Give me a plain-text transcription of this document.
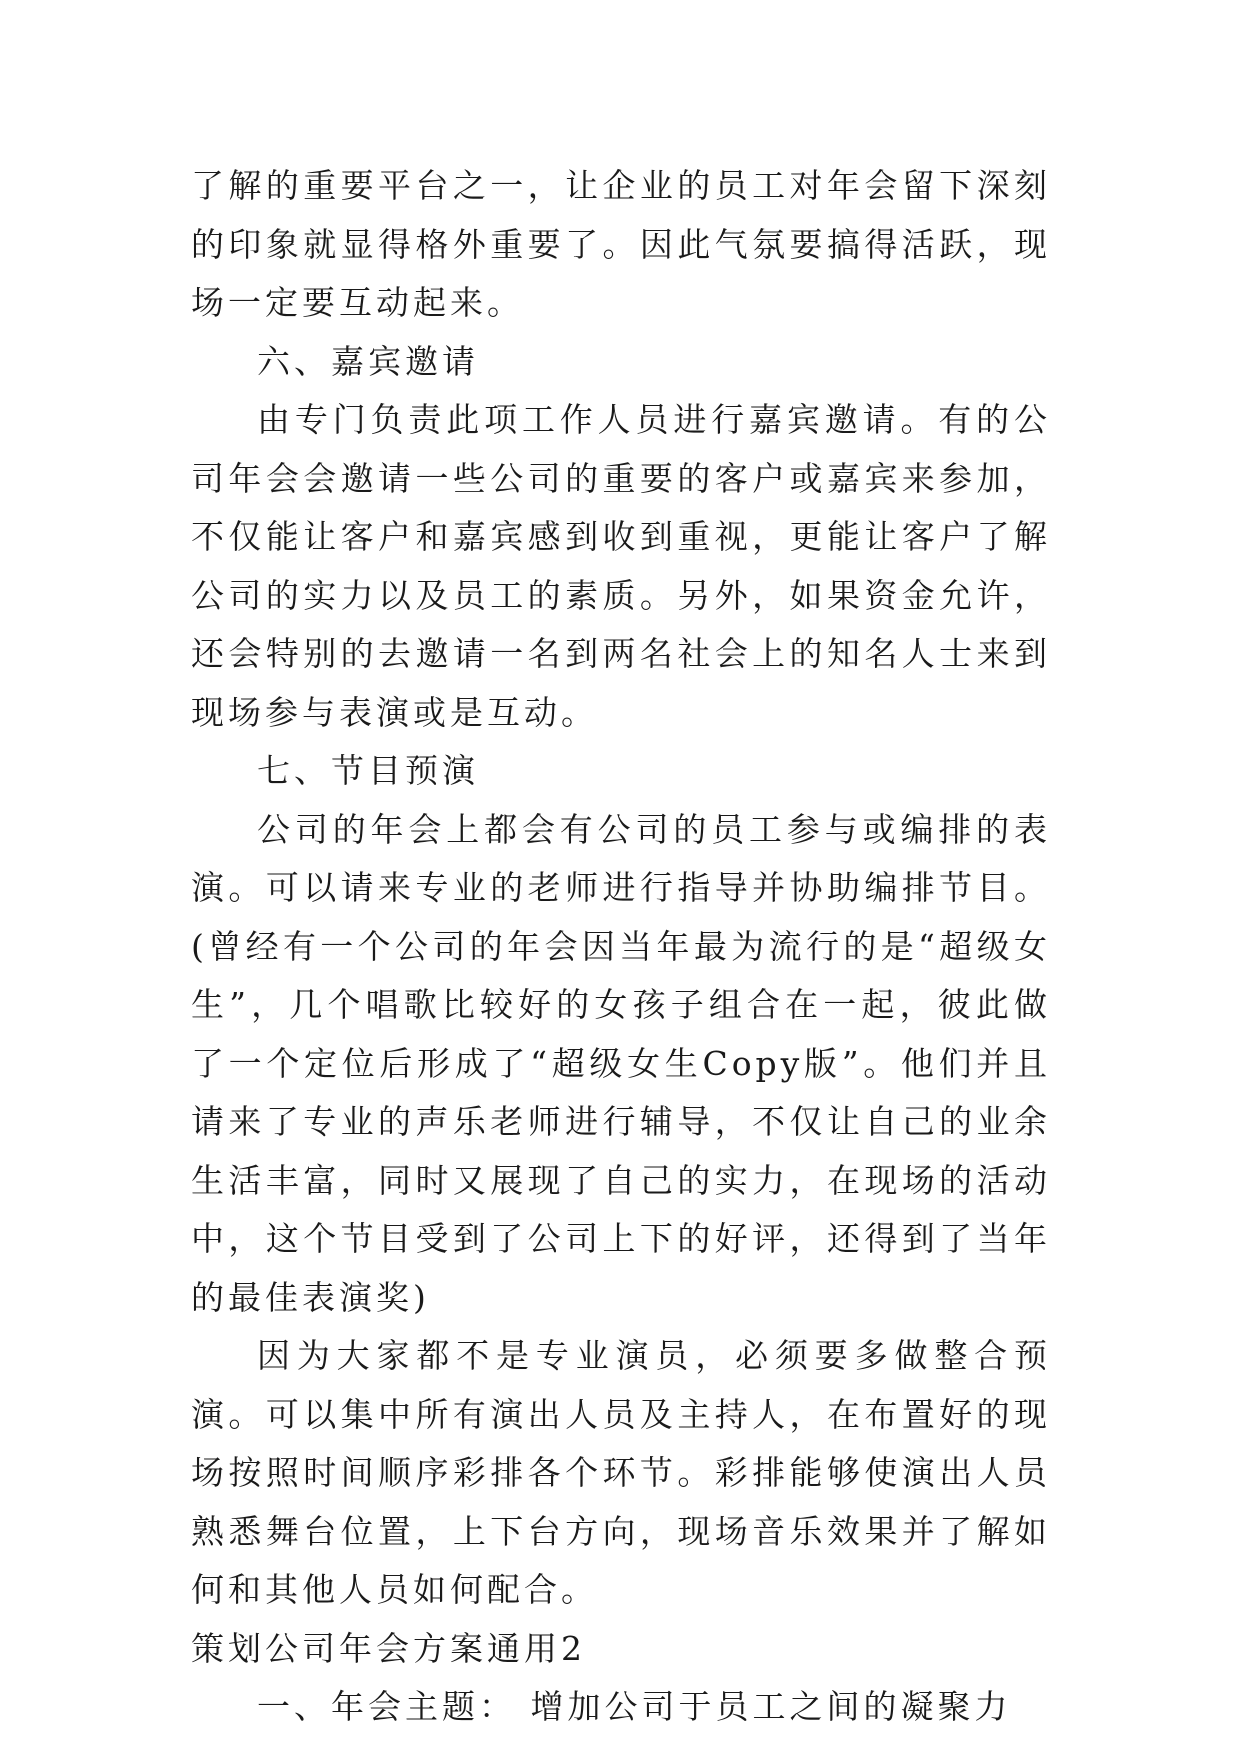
了解的重要平台之一，让企业的员工对年会留下深刻的印象就显得格外重要了。因此气氛要搞得活跃，现场一定要互动起来。

六、嘉宾邀请

由专门负责此项工作人员进行嘉宾邀请。有的公司年会会邀请一些公司的重要的客户或嘉宾来参加，不仅能让客户和嘉宾感到收到重视，更能让客户了解公司的实力以及员工的素质。另外，如果资金允许，还会特别的去邀请一名到两名社会上的知名人士来到现场参与表演或是互动。

七、节目预演

公司的年会上都会有公司的员工参与或编排的表演。可以请来专业的老师进行指导并协助编排节目。(曾经有一个公司的年会因当年最为流行的是“超级女生”，几个唱歌比较好的女孩子组合在一起，彼此做了一个定位后形成了“超级女生Copy版”。他们并且请来了专业的声乐老师进行辅导，不仅让自己的业余生活丰富，同时又展现了自己的实力，在现场的活动中，这个节目受到了公司上下的好评，还得到了当年的最佳表演奖)

因为大家都不是专业演员，必须要多做整合预演。可以集中所有演出人员及主持人，在布置好的现场按照时间顺序彩排各个环节。彩排能够使演出人员熟悉舞台位置，上下台方向，现场音乐效果并了解如何和其他人员如何配合。

策划公司年会方案通用2

一、年会主题： 增加公司于员工之间的凝聚力
